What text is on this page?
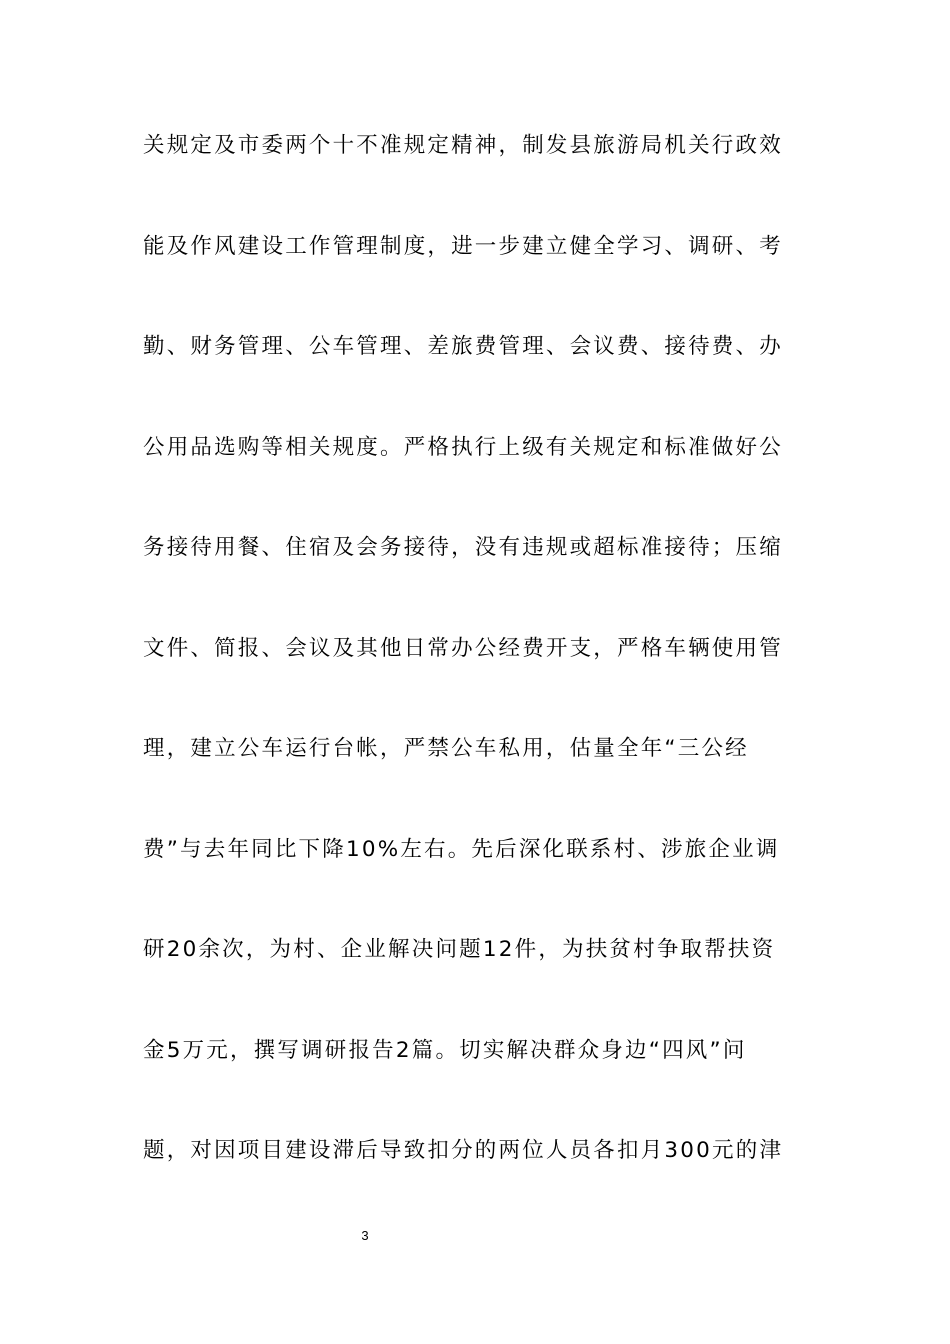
关规定及市委两个十不准规定精神，制发县旅游局机关行政效
能及作风建设工作管理制度，进一步建立健全学习、调研、考
勤、财务管理、公车管理、差旅费管理、会议费、接待费、办
公用品选购等相关规度。严格执行上级有关规定和标准做好公
务接待用餐、住宿及会务接待，没有违规或超标准接待；压缩
文件、简报、会议及其他日常办公经费开支，严格车辆使用管
理，建立公车运行台帐，严禁公车私用，估量全年“三公经
费”与去年同比下降10%左右。先后深化联系村、涉旅企业调
研20余次，为村、企业解决问题12件，为扶贫村争取帮扶资
金5万元，撰写调研报告2篇。切实解决群众身边“四风”问
题，对因项目建设滞后导致扣分的两位人员各扣月300元的津
3
